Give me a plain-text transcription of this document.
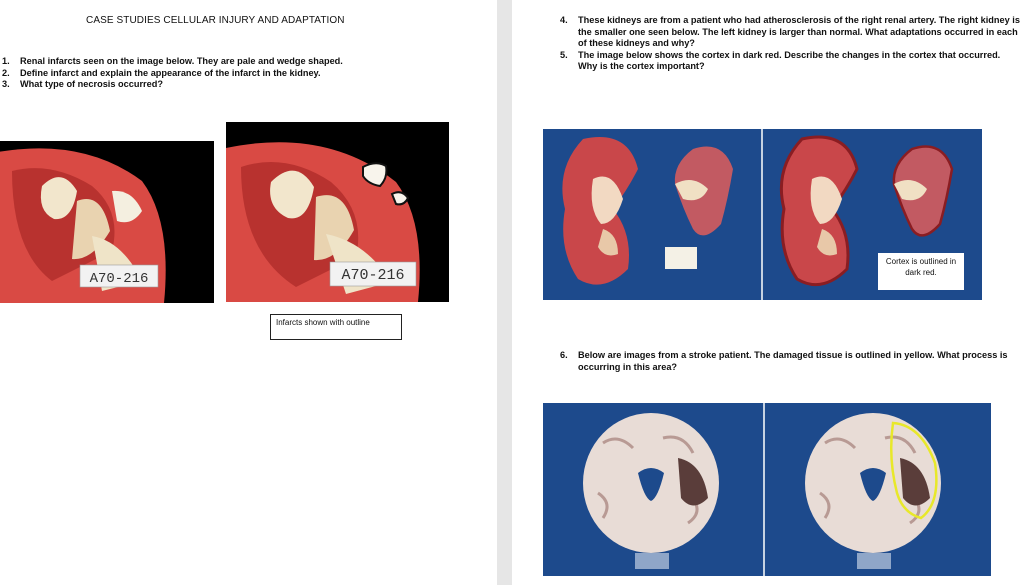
CASE STUDIES CELLULAR INJURY AND ADAPTATION
1. Renal infarcts seen on the image below. They are pale and wedge shaped.
2. Define infarct and explain the appearance of the infarct in the kidney.
3. What type of necrosis occurred?
A70-216	A70-216
Infarcts shown with outline
4. These kidneys are from a patient who had atherosclerosis of the right renal artery. The right kidney is the smaller one seen below. The left kidney is larger than normal. What adaptations occurred in each of these kidneys and why?
5. The image below shows the cortex in dark red. Describe the changes in the cortex that occurred. Why is the cortex important?
Cortex is outlined in dark red.
6. Below are images from a stroke patient. The damaged tissue is outlined in yellow. What process is occurring in this area?
